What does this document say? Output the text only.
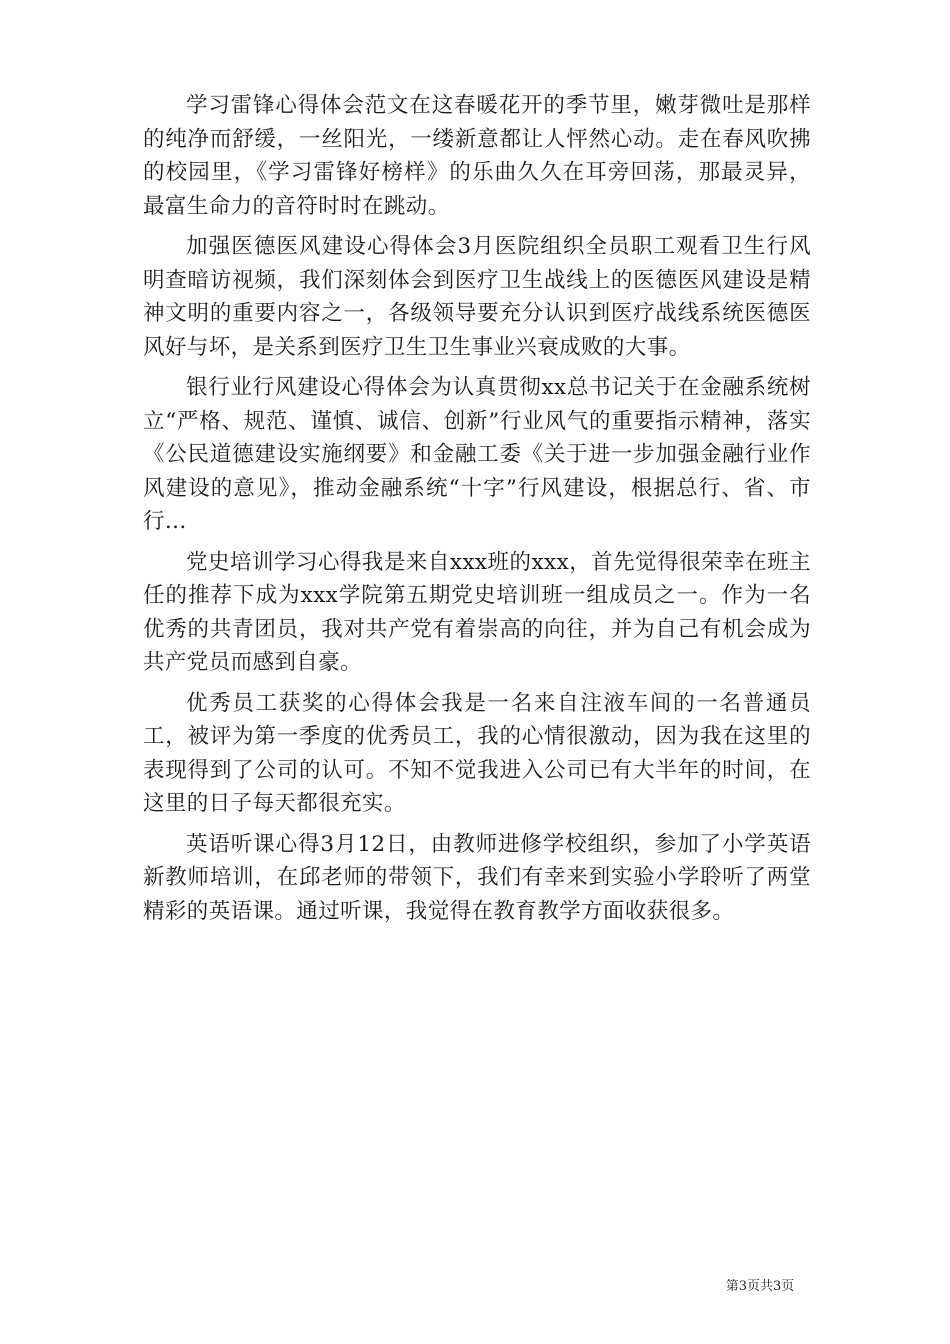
学习雷锋心得体会范文在这春暖花开的季节里，嫩芽微吐是那样的纯净而舒缓，一丝阳光，一缕新意都让人怦然心动。走在春风吹拂的校园里，《学习雷锋好榜样》的乐曲久久在耳旁回荡，那最灵异，最富生命力的音符时时在跳动。

加强医德医风建设心得体会3月医院组织全员职工观看卫生行风明查暗访视频，我们深刻体会到医疗卫生战线上的医德医风建设是精神文明的重要内容之一，各级领导要充分认识到医疗战线系统医德医风好与坏，是关系到医疗卫生卫生事业兴衰成败的大事。

银行业行风建设心得体会为认真贯彻xx总书记关于在金融系统树立“严格、规范、谨慎、诚信、创新”行业风气的重要指示精神，落实《公民道德建设实施纲要》和金融工委《关于进一步加强金融行业作风建设的意见》，推动金融系统“十字”行风建设，根据总行、省、市行...

党史培训学习心得我是来自xxx班的xxx，首先觉得很荣幸在班主任的推荐下成为xxx学院第五期党史培训班一组成员之一。作为一名优秀的共青团员，我对共产党有着崇高的向往，并为自己有机会成为共产党员而感到自豪。

优秀员工获奖的心得体会我是一名来自注液车间的一名普通员工，被评为第一季度的优秀员工，我的心情很激动，因为我在这里的表现得到了公司的认可。不知不觉我进入公司已有大半年的时间，在这里的日子每天都很充实。

英语听课心得3月12日，由教师进修学校组织，参加了小学英语新教师培训，在邱老师的带领下，我们有幸来到实验小学聆听了两堂精彩的英语课。通过听课，我觉得在教育教学方面收获很多。

第3页共3页
